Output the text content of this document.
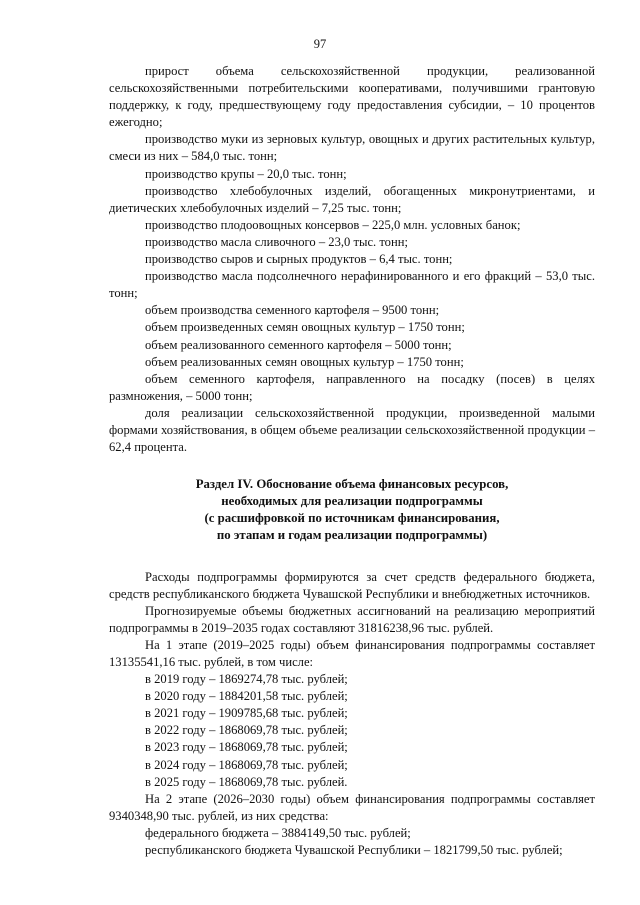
97

прирост объема сельскохозяйственной продукции, реализованной сельскохозяйственными потребительскими кооперативами, получившими грантовую поддержку, к году, предшествующему году предоставления субсидии, – 10 процентов ежегодно;

производство муки из зерновых культур, овощных и других растительных культур, смеси из них – 584,0 тыс. тонн;

производство крупы – 20,0 тыс. тонн;

производство хлебобулочных изделий, обогащенных микронутриентами, и диетических хлебобулочных изделий – 7,25 тыс. тонн;

производство плодоовощных консервов – 225,0 млн. условных банок;

производство масла сливочного – 23,0 тыс. тонн;

производство сыров и сырных продуктов – 6,4 тыс. тонн;

производство масла подсолнечного нерафинированного и его фракций – 53,0 тыс. тонн;

объем производства семенного картофеля – 9500 тонн;

объем произведенных семян овощных культур – 1750 тонн;

объем реализованного семенного картофеля – 5000 тонн;

объем реализованных семян овощных культур – 1750 тонн;

объем семенного картофеля, направленного на посадку (посев) в целях размножения, – 5000 тонн;

доля реализации сельскохозяйственной продукции, произведенной малыми формами хозяйствования, в общем объеме реализации сельскохозяйственной продукции – 62,4 процента.

Раздел IV. Обоснование объема финансовых ресурсов,
необходимых для реализации подпрограммы
(с расшифровкой по источникам финансирования,
по этапам и годам реализации подпрограммы)

Расходы подпрограммы формируются за счет средств федерального бюджета, средств республиканского бюджета Чувашской Республики и внебюджетных источников.

Прогнозируемые объемы бюджетных ассигнований на реализацию мероприятий подпрограммы в 2019–2035 годах составляют 31816238,96 тыс. рублей.

На 1 этапе (2019–2025 годы) объем финансирования подпрограммы составляет 13135541,16 тыс. рублей, в том числе:

в 2019 году – 1869274,78 тыс. рублей;

в 2020 году – 1884201,58 тыс. рублей;

в 2021 году – 1909785,68 тыс. рублей;

в 2022 году – 1868069,78 тыс. рублей;

в 2023 году – 1868069,78 тыс. рублей;

в 2024 году – 1868069,78 тыс. рублей;

в 2025 году – 1868069,78 тыс. рублей.

На 2 этапе (2026–2030 годы) объем финансирования подпрограммы составляет 9340348,90 тыс. рублей, из них средства:

федерального бюджета – 3884149,50 тыс. рублей;

республиканского бюджета Чувашской Республики – 1821799,50 тыс. рублей;
